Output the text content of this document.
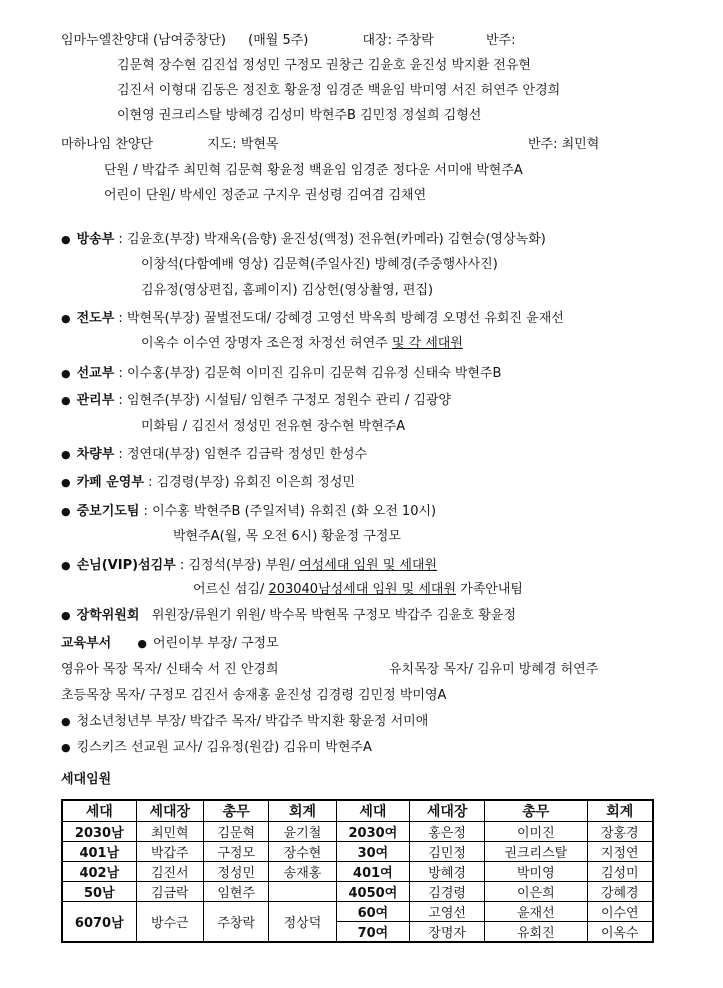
임마누엘찬양대 (남여중창단) (매월 5주)	대장: 주창락	반주:
김문혁 장수현 김진섭 정성민 구정모 권창근 김윤호 윤진성 박지환 전유현
김진서 이형대 김동은 정진호 황윤정 임경준 백윤임 박미영 서진 허연주 안경희
이현영 권크리스탈 방혜경 김성미 박현주B 김민정 정설희 김형선
마하나임 찬양단	지도: 박현목	반주: 최민혁
단원 / 박갑주 최민혁 김문혁 황윤정 백윤임 임경준 정다운 서미애 박현주A
어린이 단원/ 박세인 정준교 구지우 권성령 김여겸 김채연
● 방송부 : 김윤호(부장) 박재옥(음향) 윤진성(액정) 전유현(카메라) 김현승(영상녹화)
이창석(다함예배 영상) 김문혁(주일사진) 방혜경(주중행사사진)
김유정(영상편집, 홈페이지) 김상헌(영상촬영, 편집)
● 전도부 : 박현목(부장) 꿀벌전도대/ 강혜경 고영선 박옥희 방혜경 오명선 유회진 윤재선
이옥수 이수연 장명자 조은정 차정선 허연주 및 각 세대원
● 선교부 : 이수홍(부장) 김문혁 이미진 김유미 김문혁 김유정 신태숙 박현주B
● 관리부 : 임현주(부장) 시설팀/ 임현주 구정모 정원수 관리 / 김광양
미화팀 / 김진서 정성민 전유현 장수현 박현주A
● 차량부 : 정연대(부장) 임현주 김금락 정성민 한성수
● 카페 운영부 : 김경령(부장) 유회진 이은희 정성민
● 중보기도팀 : 이수홍 박현주B (주일저녁) 유회진 (화 오전 10시)
박현주A(월, 목 오전 6시) 황윤정 구정모
● 손님(VIP)섬김부 : 김정석(부장) 부원/ 여성세대 임원 및 세대원
어르신 섬김/ 203040남성세대 임원 및 세대원 가족안내팀
● 장학위원회 위원장/류원기 위원/ 박수목 박현목 구정모 박갑주 김윤호 황윤정
교육부서 ● 어린이부 부장/ 구정모
영유아 목장 목자/ 신태숙 서 진 안경희	유치목장 목자/ 김유미 방혜경 허연주
초등목장 목자/ 구정모 김진서 송재홍 윤진성 김경령 김민정 박미영A
● 청소년청년부 부장/ 박갑주 목자/ 박갑주 박지환 황윤정 서미애
● 킹스키즈 선교원 교사/ 김유정(원감) 김유미 박현주A
세대임원
세대	세대장	총무	회계	세대	세대장	총무	회계
2030남	최민혁	김문혁	윤기철	2030여	홍은정	이미진	장홍경
401남	박갑주	구정모	장수현	30여	김민정	권크리스탈	지정연
402남	김진서	정성민	송재홍	401여	방혜경	박미영	김성미
50남	김금락	임현주		4050여	김경령	이은희	강혜경
6070남	방수근	주창락	정상덕	60여	고영선	윤재선	이수연
				70여	장명자	유회진	이옥수
